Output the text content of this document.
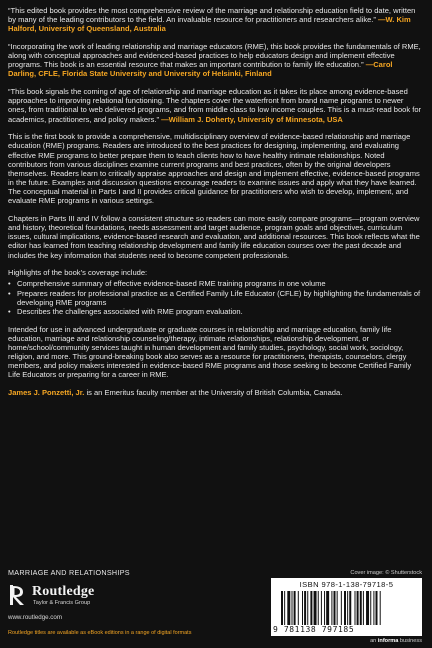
“This edited book provides the most comprehensive review of the marriage and relationship education field to date, written by many of the leading contributors to the field. An invaluable resource for practitioners and researchers alike.” —W. Kim Halford, University of Queensland, Australia

“Incorporating the work of leading relationship and marriage educators (RME), this book provides the fundamentals of RME, along with conceptual approaches and evidenced-based practices to help educators design and implement effective programs. This book is an essential resource that makes an important contribution to family life education.” —Carol Darling, CFLE, Florida State University and University of Helsinki, Finland

“This book signals the coming of age of relationship and marriage education as it takes its place among evidence-based approaches to improving relational functioning. The chapters cover the waterfront from brand name programs to newer ones, from traditional to web delivered programs, and from middle class to low income couples. This is a must-read book for academics, practitioners, and policy makers.” —William J. Doherty, University of Minnesota, USA

This is the first book to provide a comprehensive, multidisciplinary overview of evidence-based relationship and marriage education (RME) programs. Readers are introduced to the best practices for designing, implementing, and evaluating effective RME programs to better prepare them to teach clients how to have healthy intimate relationships. Noted contributors from various disciplines examine current programs and best practices, often by the original developers themselves. Readers learn to critically appraise approaches and design and implement effective, evidence-based programs in the future. Examples and discussion questions encourage readers to examine issues and apply what they have learned. The conceptual material in Parts I and II provides critical guidance for practitioners who wish to develop, implement, and evaluate RME programs in various settings.

Chapters in Parts III and IV follow a consistent structure so readers can more easily compare programs—program overview and history, theoretical foundations, needs assessment and target audience, program goals and objectives, curriculum issues, cultural implications, evidence-based research and evaluation, and additional resources. This book reflects what the editor has learned from teaching relationship development and family life education courses over the past decade and includes the key information that students need to become competent professionals.

Highlights of the book’s coverage include:

• Comprehensive summary of effective evidence-based RME training programs in one volume
• Prepares readers for professional practice as a Certified Family Life Educator (CFLE) by highlighting the fundamentals of developing RME programs
• Describes the challenges associated with RME program evaluation.

Intended for use in advanced undergraduate or graduate courses in relationship and marriage education, family life education, marriage and relationship counseling/therapy, intimate relationships, relationship development, or home/school/community services taught in human development and family studies, psychology, social work, sociology, religion, and more. This ground-breaking book also serves as a resource for practitioners, therapists, counselors, clergy members, and policy makers interested in evidence-based RME programs and those seeking to become Certified Family Life Educators or preparing for a career in RME.

James J. Ponzetti, Jr. is an Emeritus faculty member at the University of British Columbia, Canada.

MARRIAGE AND RELATIONSHIPS
Routledge
Taylor & Francis Group
www.routledge.com
Routledge titles are available as eBook editions in a range of digital formats
Cover image: © Shutterstock
ISBN 978-1-138-79718-5
9 781138 797185
an informa business
